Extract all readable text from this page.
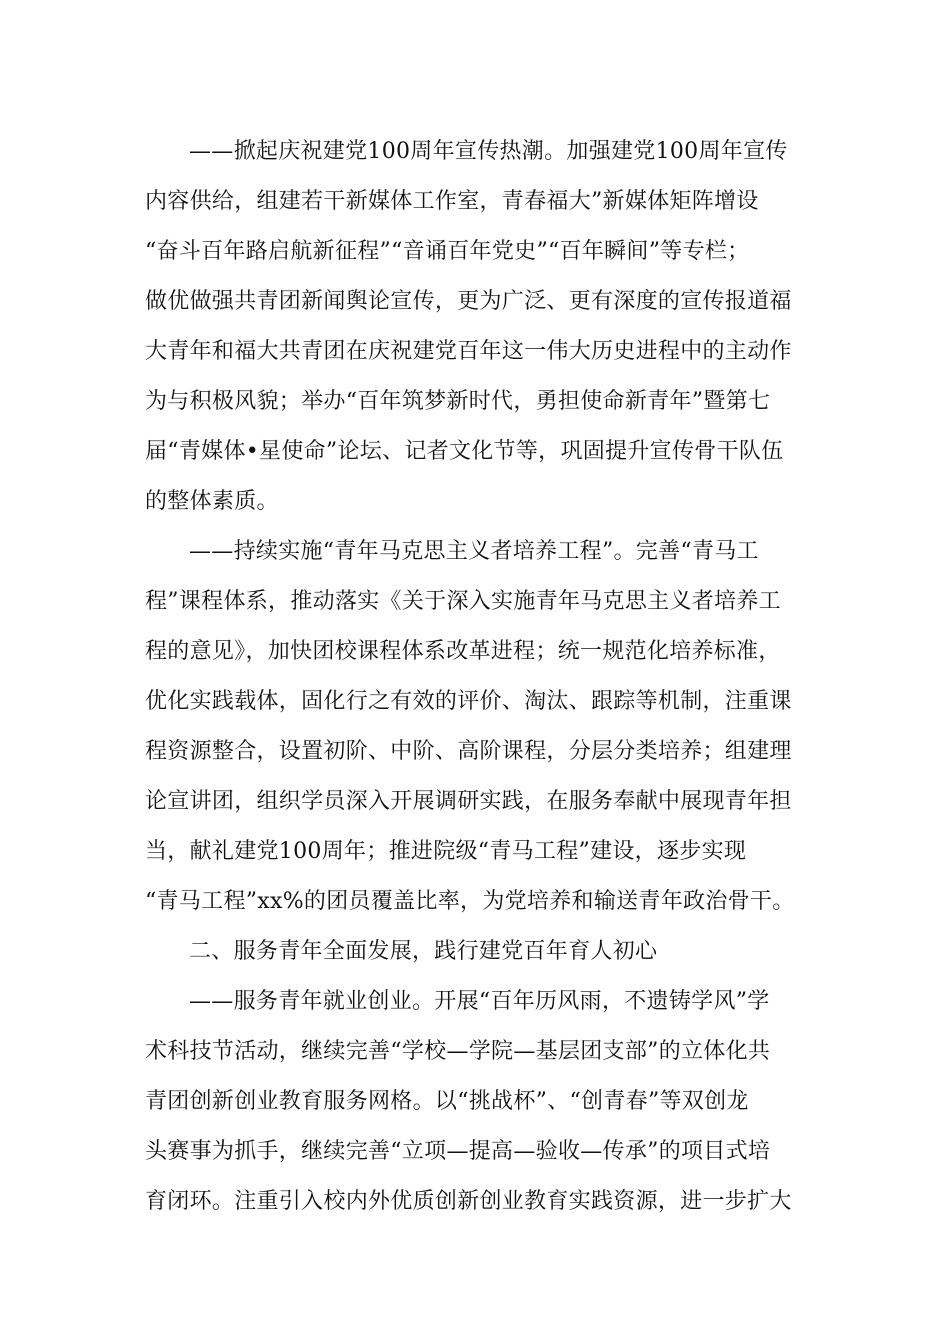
——掀起庆祝建党100周年宣传热潮。加强建党100周年宣传
内容供给，组建若干新媒体工作室，青春福大”新媒体矩阵增设
“奋斗百年路启航新征程”“音诵百年党史”“百年瞬间”等专栏；
做优做强共青团新闻舆论宣传，更为广泛、更有深度的宣传报道福
大青年和福大共青团在庆祝建党百年这一伟大历史进程中的主动作
为与积极风貌；举办“百年筑梦新时代，勇担使命新青年”暨第七
届“青媒体•星使命”论坛、记者文化节等，巩固提升宣传骨干队伍
的整体素质。
——持续实施“青年马克思主义者培养工程”。完善“青马工
程”课程体系，推动落实《关于深入实施青年马克思主义者培养工
程的意见》，加快团校课程体系改革进程；统一规范化培养标准，
优化实践载体，固化行之有效的评价、淘汰、跟踪等机制，注重课
程资源整合，设置初阶、中阶、高阶课程，分层分类培养；组建理
论宣讲团，组织学员深入开展调研实践，在服务奉献中展现青年担
当，献礼建党100周年；推进院级“青马工程”建设，逐步实现
“青马工程”xx%的团员覆盖比率，为党培养和输送青年政治骨干。
二、服务青年全面发展，践行建党百年育人初心
——服务青年就业创业。开展“百年历风雨，不遗铸学风”学
术科技节活动，继续完善“学校—学院—基层团支部”的立体化共
青团创新创业教育服务网格。以“挑战杯”、“创青春”等双创龙
头赛事为抓手，继续完善“立项—提高—验收—传承”的项目式培
育闭环。注重引入校内外优质创新创业教育实践资源，进一步扩大
